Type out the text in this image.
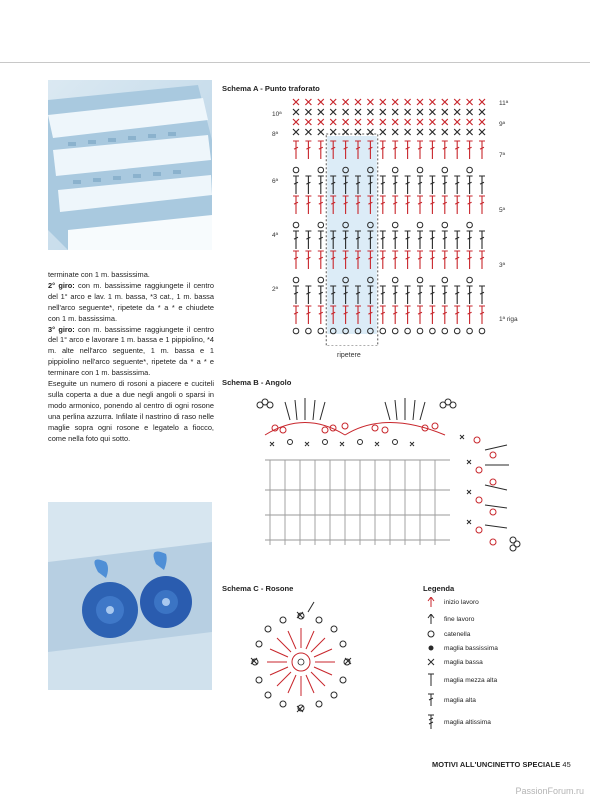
terminate con 1 m. bassissima.

2° giro: con m. bassissime raggiungete il centro del 1° arco e lav. 1 m. bassa, *3 cat., 1 m. bassa nell'arco seguente*, ripetete da * a * e chiudete con 1 m. bassissima.

3° giro: con m. bassissime raggiungete il centro del 1° arco e lavorare 1 m. bassa e 1 pippiolino, *4 m. alte nell'arco seguente, 1 m. bassa e 1 pippiolino nell'arco seguente*, ripetete da * a * e terminare con 1 m. bassissima.

Eseguite un numero di rosoni a piacere e cuciteli sulla coperta a due a due negli angoli o sparsi in modo armonico, ponendo al centro di ogni rosone una perlina azzurra. Infilate il nastrino di raso nelle maglie sopra ogni rosone e legatelo a fiocco, come nella foto qui sotto.

Schema A - Punto traforato
ripetere
11ª
9ª
7ª
5ª
3ª
1ª riga
10ª
8ª
6ª
4ª
2ª
Schema B - Angolo
Schema C - Rosone	Legenda
inizio lavoro
fine lavoro
catenella
maglia bassissima
maglia bassa
maglia mezza alta
maglia alta
maglia altissima
MOTIVI ALL'UNCINETTO SPECIALE 45
PassionForum.ru
